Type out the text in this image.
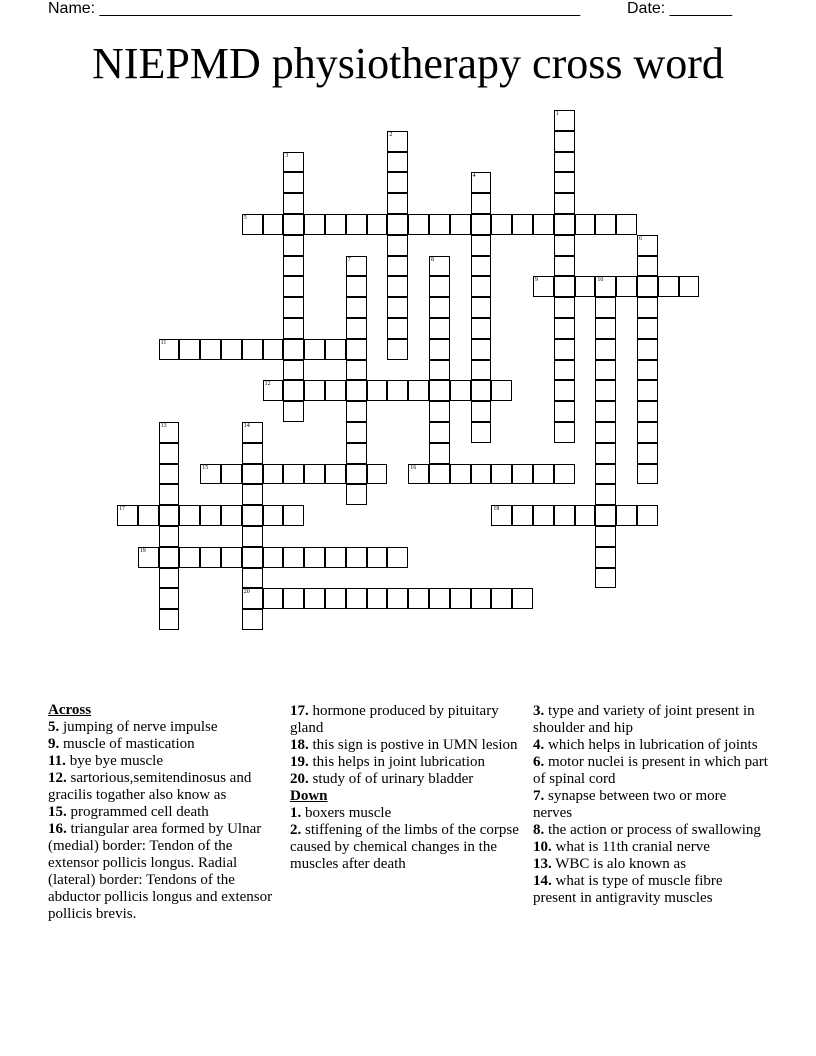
Name: ______________________________________________________	Date: _______
NIEPMD physiotherapy cross word
1
2
3
4
5
6
7	8
9	10
11
12
13	14
20
15	16
17	18
19
Across

5. jumping of nerve impulse

9. muscle of mastication

11. bye bye muscle

12. sartorious,semitendinosus and gracilis togather also know as

15. programmed cell death

16. triangular area formed by Ulnar (medial) border: Tendon of the extensor pollicis longus. Radial (lateral) border: Tendons of the abductor pollicis longus and extensor pollicis brevis.

17. hormone produced by pituitary gland

18. this sign is postive in UMN lesion

19. this helps in joint lubrication

20. study of of urinary bladder

Down

1. boxers muscle

2. stiffening of the limbs of the corpse caused by chemical changes in the muscles after death

3. type and variety of joint present in shoulder and hip

4. which helps in lubrication of joints

6. motor nuclei is present in which part of spinal cord

7. synapse between two or more nerves

8. the action or process of swallowing

10. what is 11th cranial nerve

13. WBC is alo known as

14. what is type of muscle fibre present in antigravity muscles
